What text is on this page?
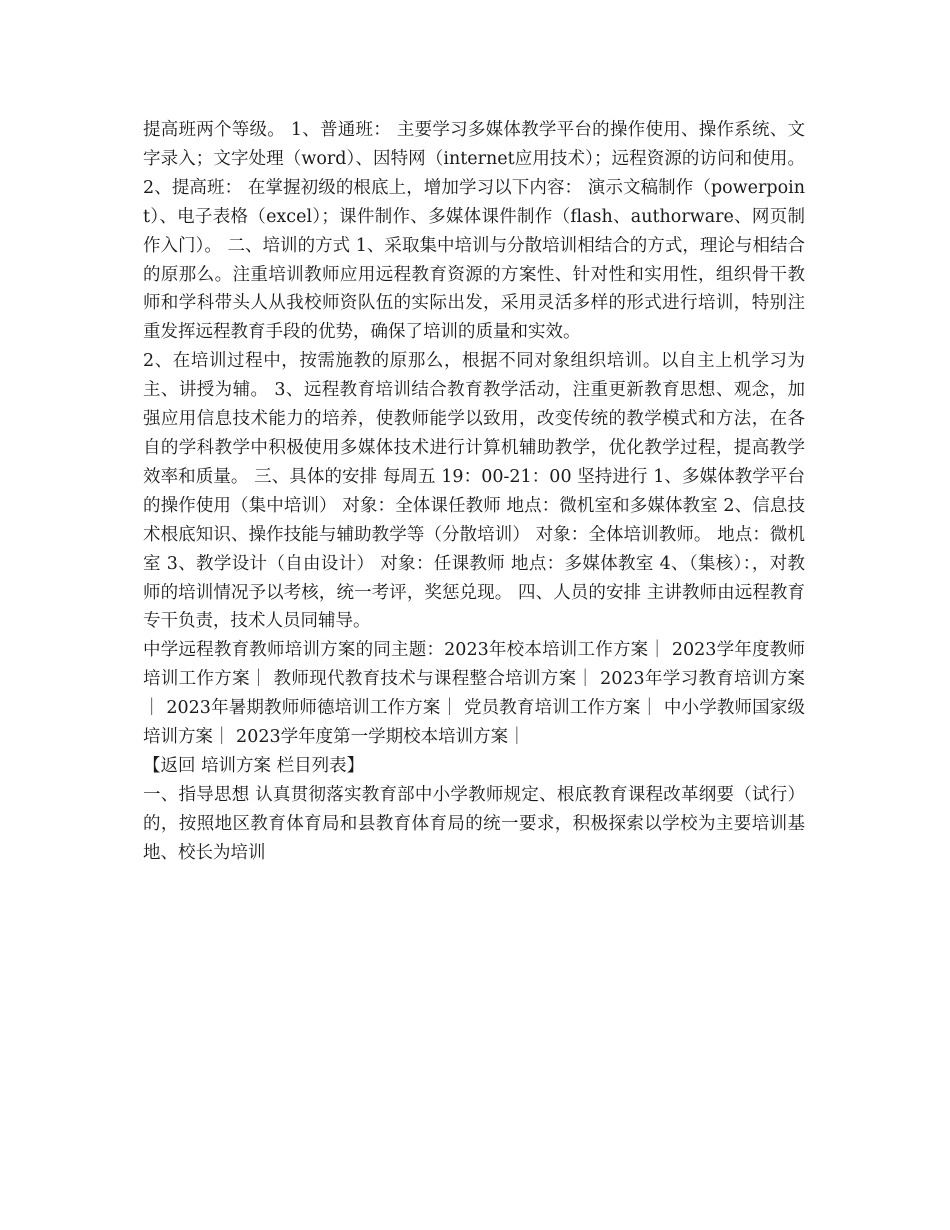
提高班两个等级。 1、普通班： 主要学习多媒体教学平台的操作使用、操作系统、文字录入；文字处理（word）、因特网（internet应用技术）；远程资源的访问和使用。 2、提高班： 在掌握初级的根底上，增加学习以下内容： 演示文稿制作（powerpoint）、电子表格（excel）；课件制作、多媒体课件制作（flash、authorware、网页制作入门）。 二、培训的方式 1、采取集中培训与分散培训相结合的方式，理论与相结合的原那么。注重培训教师应用远程教育资源的方案性、针对性和实用性，组织骨干教师和学科带头人从我校师资队伍的实际出发，采用灵活多样的形式进行培训，特别注重发挥远程教育手段的优势，确保了培训的质量和实效。

2、在培训过程中，按需施教的原那么，根据不同对象组织培训。以自主上机学习为主、讲授为辅。 3、远程教育培训结合教育教学活动，注重更新教育思想、观念，加强应用信息技术能力的培养，使教师能学以致用，改变传统的教学模式和方法，在各自的学科教学中积极使用多媒体技术进行计算机辅助教学，优化教学过程，提高教学效率和质量。 三、具体的安排 每周五 19：00-21：00 坚持进行 1、多媒体教学平台的操作使用（集中培训） 对象：全体课任教师 地点：微机室和多媒体教室 2、信息技术根底知识、操作技能与辅助教学等（分散培训） 对象：全体培训教师。 地点：微机室 3、教学设计（自由设计） 对象：任课教师 地点：多媒体教室 4、（集核）：，对教师的培训情况予以考核，统一考评，奖惩兑现。 四、人员的安排 主讲教师由远程教育专干负责，技术人员同辅导。

中学远程教育教师培训方案的同主题：2023年校本培训工作方案｜ 2023学年度教师培训工作方案｜ 教师现代教育技术与课程整合培训方案｜ 2023年学习教育培训方案｜ 2023年暑期教师师德培训工作方案｜ 党员教育培训工作方案｜ 中小学教师国家级培训方案｜ 2023学年度第一学期校本培训方案｜

【返回 培训方案 栏目列表】

一、指导思想 认真贯彻落实教育部中小学教师规定、根底教育课程改革纲要（试行）的，按照地区教育体育局和县教育体育局的统一要求，积极探索以学校为主要培训基地、校长为培训
